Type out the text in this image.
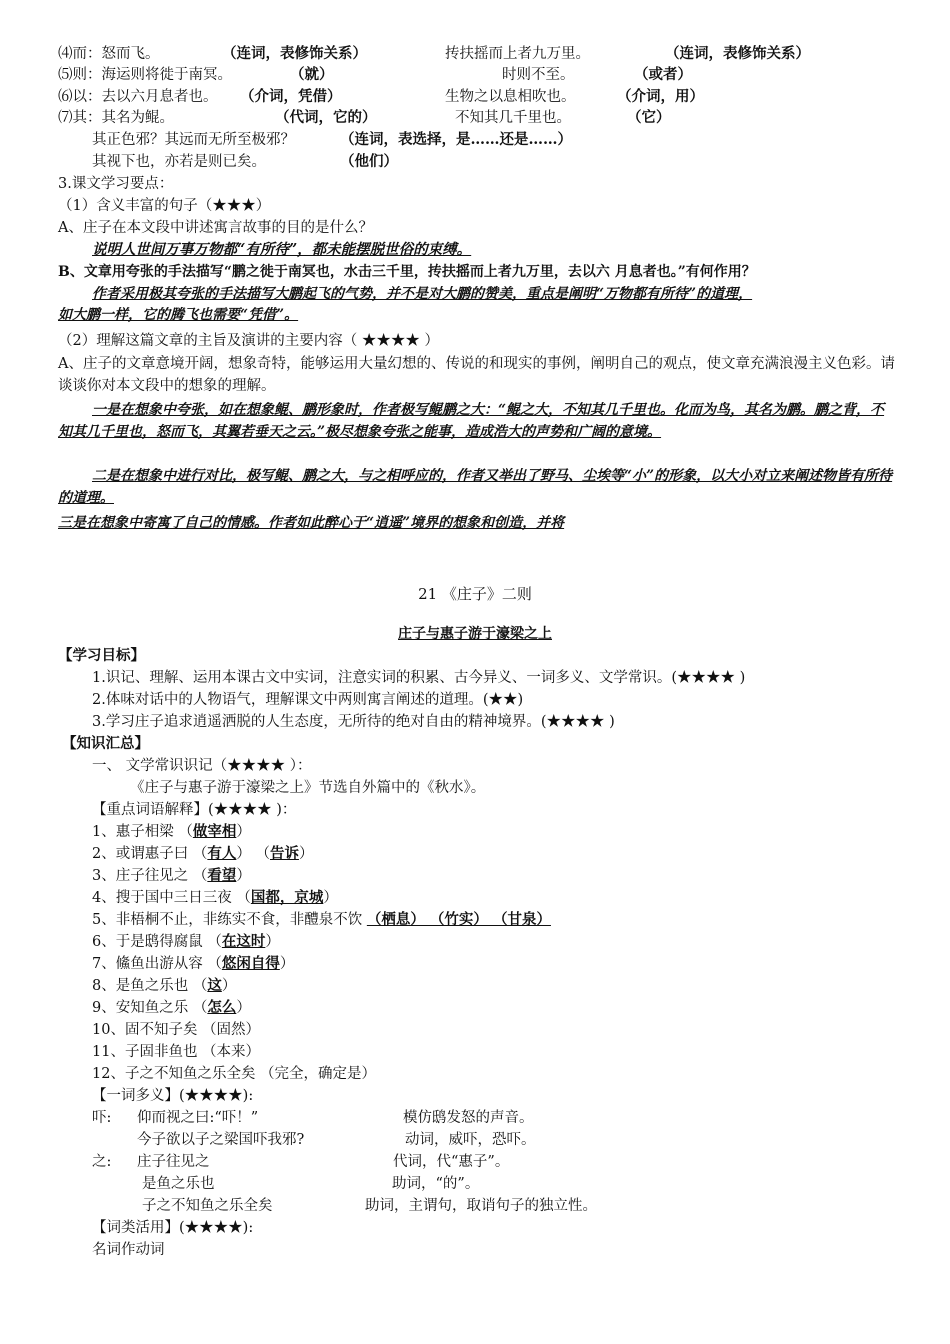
⑷而：怒而飞。	（连词，表修饰关系）	抟扶摇而上者九万里。	（连词，表修饰关系）
⑸则：海运则将徙于南冥。	（就）	时则不至。	（或者）
⑹以：去以六月息者也。 （介词，凭借）	生物之以息相吹也。	（介词，用）
⑺其：其名为鲲。	（代词，它的）	不知其几千里也。	（它）
其正色邪？其远而无所至极邪？	（连词，表选择，是……还是……）
其视下也，亦若是则已矣。	（他们）
3.课文学习要点：
（1）含义丰富的句子（★★★）
A、庄子在本文段中讲述寓言故事的目的是什么？
说明人世间万事万物都“有所待”，都未能摆脱世俗的束缚。
B、文章用夸张的手法描写“鹏之徙于南冥也，水击三千里，抟扶摇而上者九万里，去以六 月息者也。”有何作用？
作者采用极其夸张的手法描写大鹏起飞的气势，并不是对大鹏的赞美，重点是阐明“万物都有所待”的道理，
如大鹏一样，它的腾飞也需要“凭借”。
（2）理解这篇文章的主旨及演讲的主要内容（ ★★★★ ）
A、庄子的文章意境开阔，想象奇特，能够运用大量幻想的、传说的和现实的事例，阐明自己的观点，使文章充满浪漫主义色彩。请谈谈你对本文段中的想象的理解。
一是在想象中夸张，如在想象鲲、鹏形象时，作者极写鲲鹏之大：“鲲之大，不知其几千里也。化而为鸟，其名为鹏。鹏之背，不知其几千里也，怒而飞，其翼若垂天之云。”极尽想象夸张之能事，造成浩大的声势和广阔的意境。
二是在想象中进行对比，极写鲲、鹏之大，与之相呼应的，作者又举出了野马、尘埃等“小”的形象，以大小对立来阐述物皆有所待的道理。
三是在想象中寄寓了自己的情感。作者如此醉心于“逍遥”境界的想象和创造，并将
21 《庄子》二则
庄子与惠子游于濠梁之上
【学习目标】
1.识记、理解、运用本课古文中实词，注意实词的积累、古今异义、一词多义、文学常识。(★★★★ )
2.体味对话中的人物语气，理解课文中两则寓言阐述的道理。(★★)
3.学习庄子追求逍遥洒脱的人生态度，无所待的绝对自由的精神境界。(★★★★ )
【知识汇总】
一、 文学常识识记（★★★★ ）：
《庄子与惠子游于濠梁之上》节选自外篇中的《秋水》。
【重点词语解释】(★★★★ )：
1、惠子相梁 （做宰相）
2、或谓惠子曰 （有人） （告诉）
3、庄子往见之 （看望）
4、搜于国中三日三夜 （国都，京城）
5、非梧桐不止，非练实不食，非醴泉不饮 （栖息） （竹实） （甘泉）
6、于是鸱得腐鼠 （在这时）
7、鯈鱼出游从容 （悠闲自得）
8、是鱼之乐也 （这）
9、安知鱼之乐 （怎么）
10、固不知子矣 （固然）
11、子固非鱼也 （本来）
12、子之不知鱼之乐全矣 （完全，确定是）
【一词多义】(★★★★):
吓: 仰而视之曰:“吓！”	模仿鸱发怒的声音。
今子欲以子之梁国吓我邪?	动词，威吓，恐吓。
之: 庄子往见之	代词，代“惠子”。
是鱼之乐也	助词，“的”。
子之不知鱼之乐全矣	助词，主谓句，取诮句子的独立性。
【词类活用】(★★★★):
名词作动词
